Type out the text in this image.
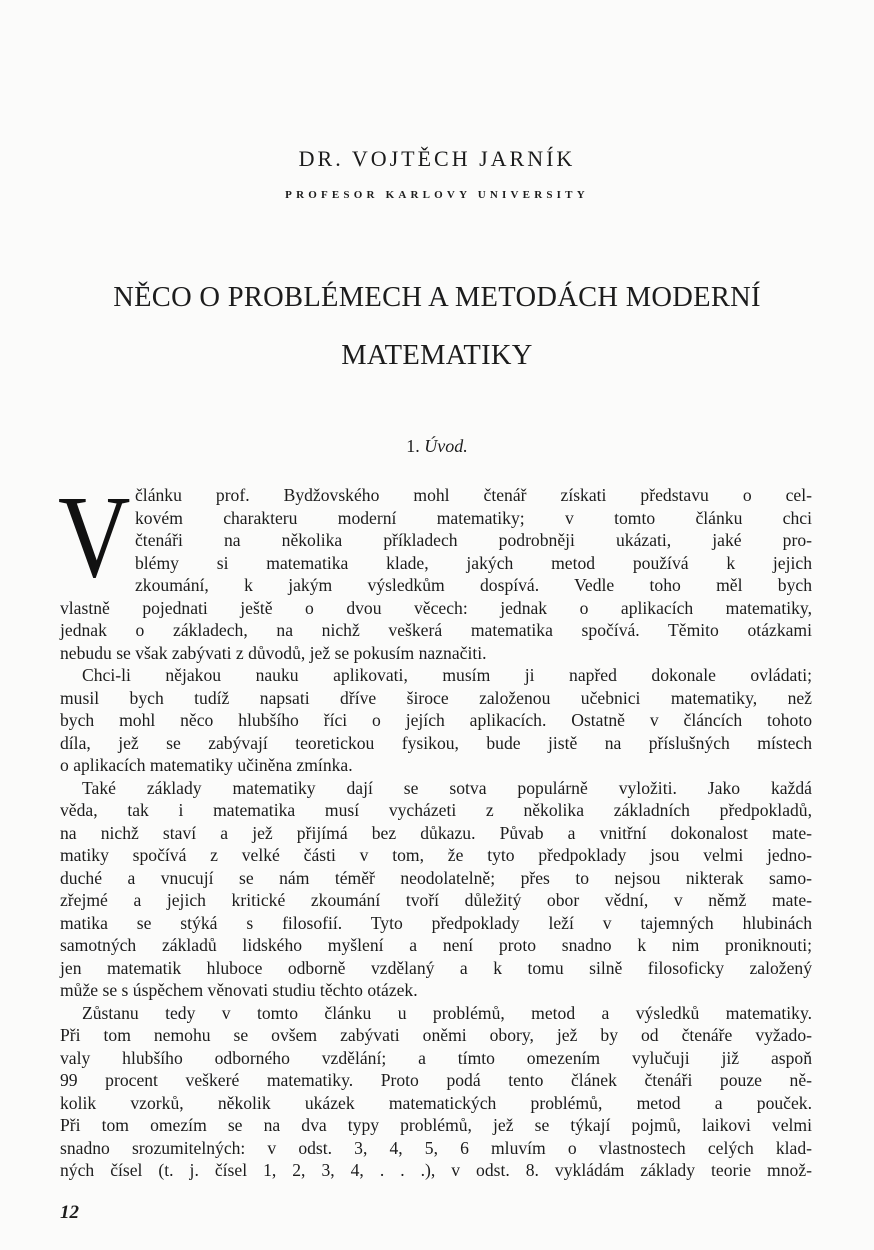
DR. VOJTĚCH JARNÍK
PROFESOR KARLOVY UNIVERSITY
NĚCO O PROBLÉMECH A METODÁCH MODERNÍ
MATEMATIKY
1. Úvod.
V článku prof. Bydžovského mohl čtenář získati představu o cel-
kovém charakteru moderní matematiky; v tomto článku chci
čtenáři na několika příkladech podrobněji ukázati, jaké pro-
blémy si matematika klade, jakých metod používá k jejich
zkoumání, k jakým výsledkům dospívá. Vedle toho měl bych
vlastně pojednati ještě o dvou věcech: jednak o aplikacích matematiky,
jednak o základech, na nichž veškerá matematika spočívá. Těmito otázkami
nebudu se však zabývati z důvodů, jež se pokusím naznačiti.
Chci-li nějakou nauku aplikovati, musím ji napřed dokonale ovládati;
musil bych tudíž napsati dříve široce založenou učebnici matematiky, než
bych mohl něco hlubšího říci o jejích aplikacích. Ostatně v článcích tohoto
díla, jež se zabývají teoretickou fysikou, bude jistě na příslušných místech
o aplikacích matematiky učiněna zmínka.
Také základy matematiky dají se sotva populárně vyložiti. Jako každá
věda, tak i matematika musí vycházeti z několika základních předpokladů,
na nichž staví a jež přijímá bez důkazu. Půvab a vnitřní dokonalost mate-
matiky spočívá z velké části v tom, že tyto předpoklady jsou velmi jedno-
duché a vnucují se nám téměř neodolatelně; přes to nejsou nikterak samo-
zřejmé a jejich kritické zkoumání tvoří důležitý obor vědní, v němž mate-
matika se stýká s filosofií. Tyto předpoklady leží v tajemných hlubinách
samotných základů lidského myšlení a není proto snadno k nim proniknouti;
jen matematik hluboce odborně vzdělaný a k tomu silně filosoficky založený
může se s úspěchem věnovati studiu těchto otázek.
Zůstanu tedy v tomto článku u problémů, metod a výsledků matematiky.
Při tom nemohu se ovšem zabývati oněmi obory, jež by od čtenáře vyžado-
valy hlubšího odborného vzdělání; a tímto omezením vylučuji již aspoň
99 procent veškeré matematiky. Proto podá tento článek čtenáři pouze ně-
kolik vzorků, několik ukázek matematických problémů, metod a pouček.
Při tom omezím se na dva typy problémů, jež se týkají pojmů, laikovi velmi
snadno srozumitelných: v odst. 3, 4, 5, 6 mluvím o vlastnostech celých klad-
ných čísel (t. j. čísel 1, 2, 3, 4, . . .), v odst. 8. vykládám základy teorie množ-
12
